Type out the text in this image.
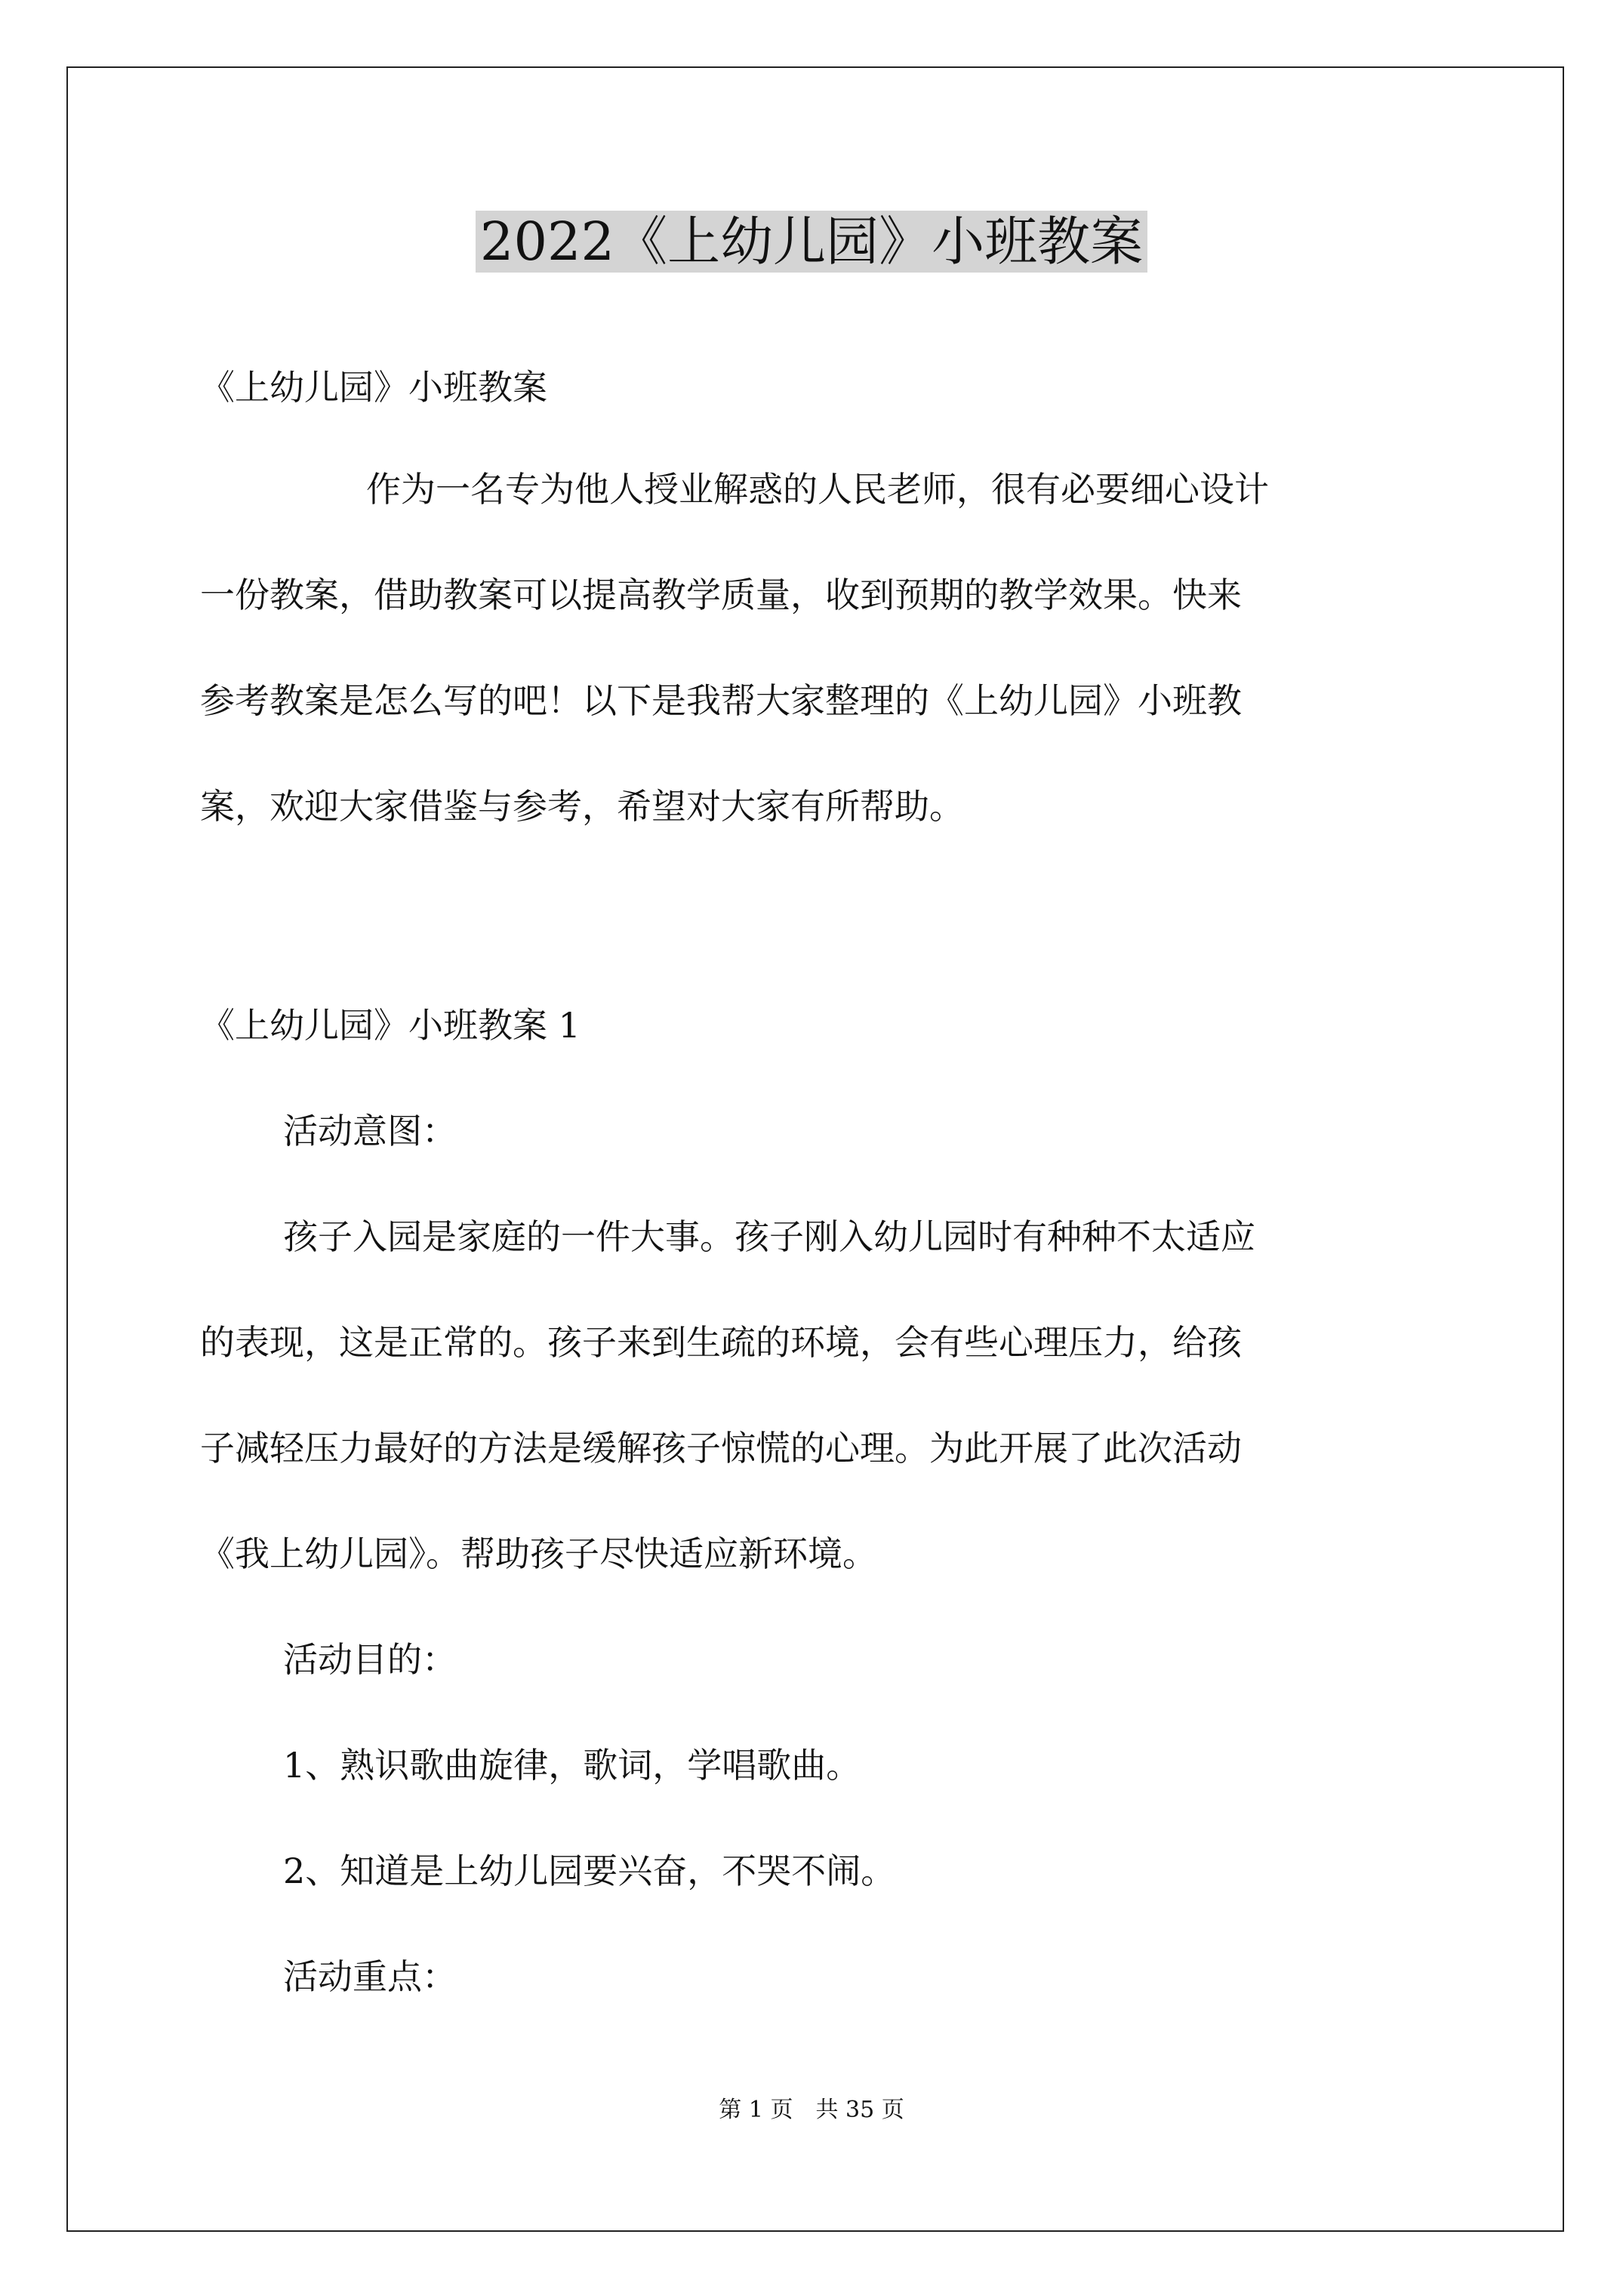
2022《上幼儿园》小班教案

《上幼儿园》小班教案

作为一名专为他人授业解惑的人民老师，很有必要细心设计

一份教案，借助教案可以提高教学质量，收到预期的教学效果。快来

参考教案是怎么写的吧！以下是我帮大家整理的《上幼儿园》小班教

案，欢迎大家借鉴与参考，希望对大家有所帮助。

《上幼儿园》小班教案 1

活动意图：

孩子入园是家庭的一件大事。孩子刚入幼儿园时有种种不太适应

的表现，这是正常的。孩子来到生疏的环境，会有些心理压力，给孩

子减轻压力最好的方法是缓解孩子惊慌的心理。为此开展了此次活动

《我上幼儿园》。帮助孩子尽快适应新环境。

活动目的：

1、熟识歌曲旋律，歌词，学唱歌曲。

2、知道是上幼儿园要兴奋，不哭不闹。

活动重点：

第 1 页 共 35 页
